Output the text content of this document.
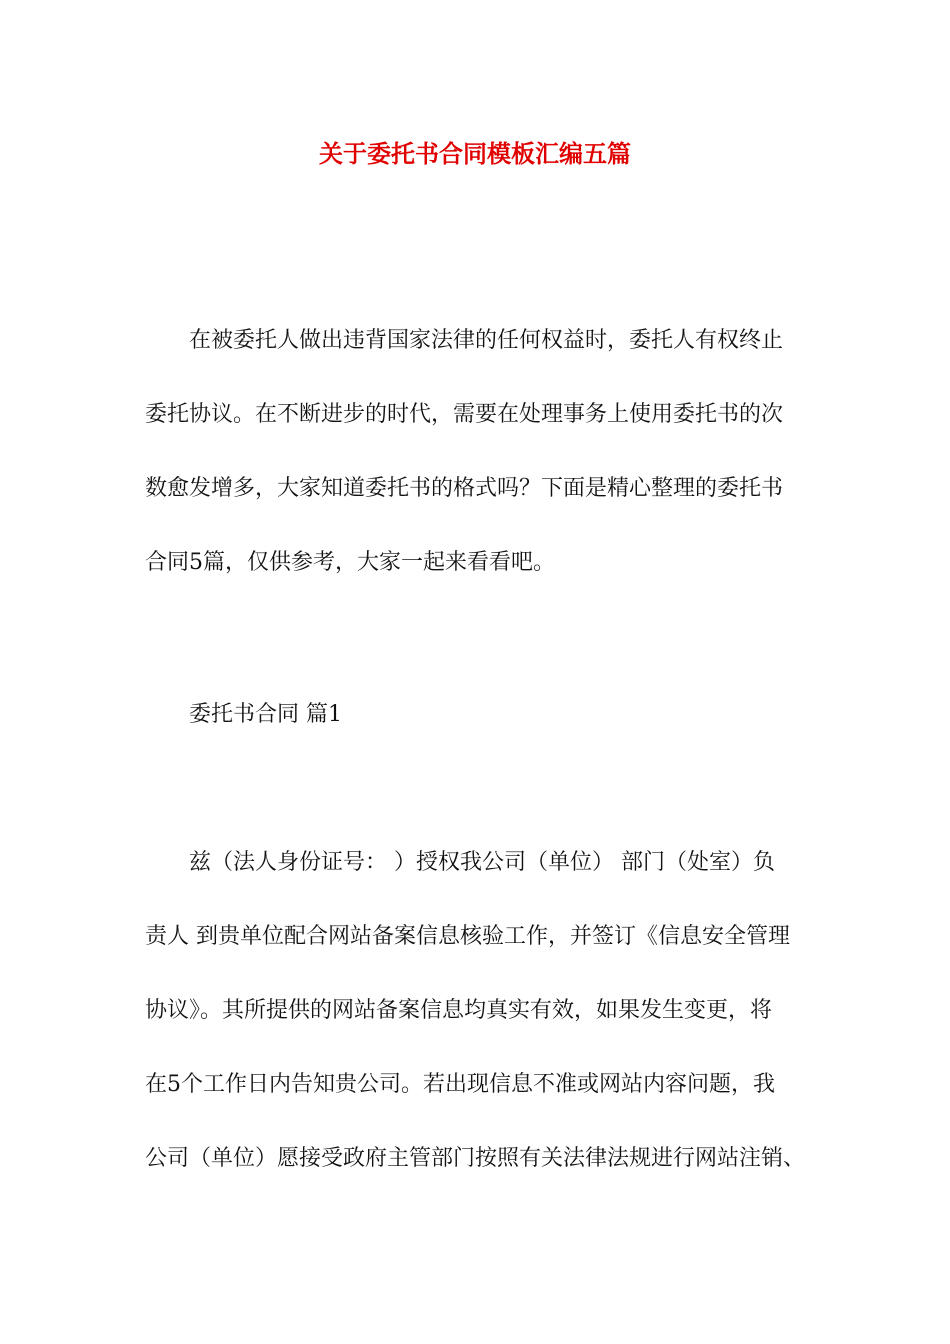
关于委托书合同模板汇编五篇

在被委托人做出违背国家法律的任何权益时，委托人有权终止

委托协议。在不断进步的时代，需要在处理事务上使用委托书的次

数愈发增多，大家知道委托书的格式吗？下面是精心整理的委托书

合同5篇，仅供参考，大家一起来看看吧。

委托书合同 篇1

兹（法人身份证号： ）授权我公司（单位） 部门（处室）负

责人 到贵单位配合网站备案信息核验工作，并签订《信息安全管理

协议》。其所提供的网站备案信息均真实有效，如果发生变更，将

在5个工作日内告知贵公司。若出现信息不准或网站内容问题，我

公司（单位）愿接受政府主管部门按照有关法律法规进行网站注销、
